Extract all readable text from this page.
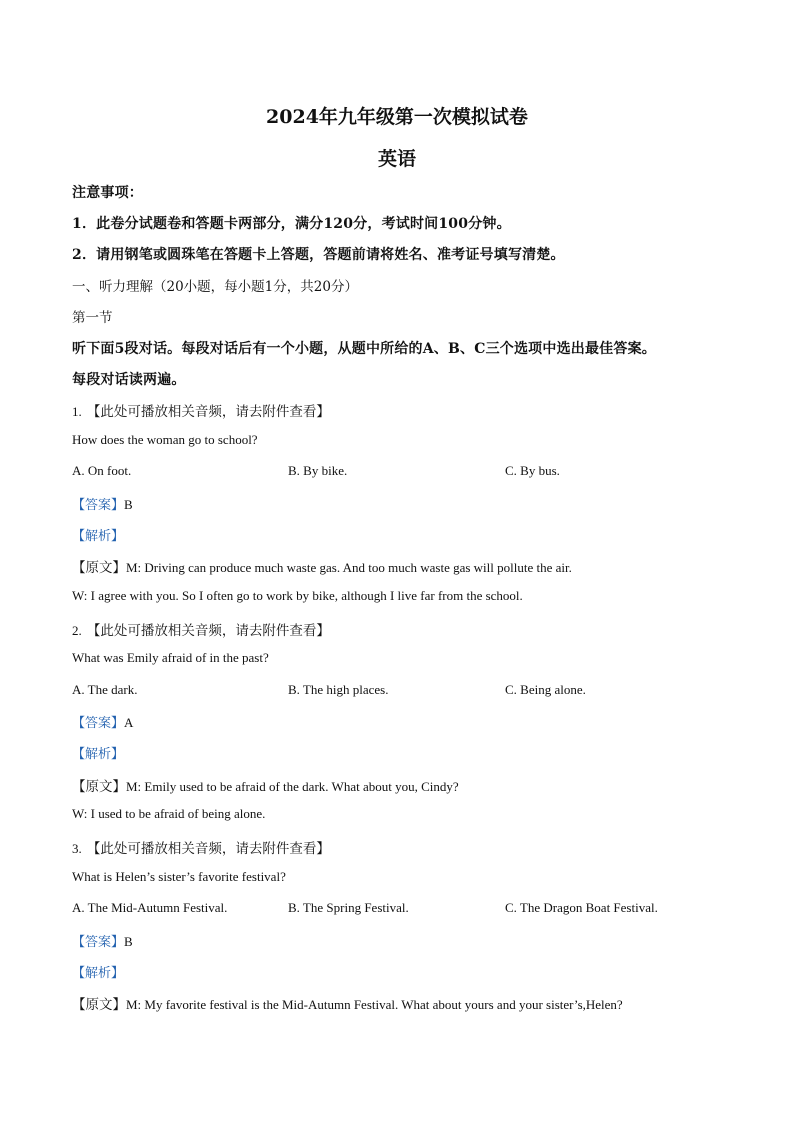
2024年九年级第一次模拟试卷
英语
注意事项：
1．此卷分试题卷和答题卡两部分，满分120分，考试时间100分钟。
2．请用钢笔或圆珠笔在答题卡上答题，答题前请将姓名、准考证号填写清楚。
一、听力理解（20小题，每小题1分，共20分）
第一节
听下面5段对话。每段对话后有一个小题，从题中所给的A、B、C三个选项中选出最佳答案。
每段对话读两遍。
1. 【此处可播放相关音频，请去附件查看】
How does the woman go to school?
A. On foot.	B. By bike.	C. By bus.
【答案】B
【解析】
【原文】M: Driving can produce much waste gas. And too much waste gas will pollute the air.
W: I agree with you. So I often go to work by bike, although I live far from the school.
2. 【此处可播放相关音频，请去附件查看】
What was Emily afraid of in the past?
A. The dark.	B. The high places.	C. Being alone.
【答案】A
【解析】
【原文】M: Emily used to be afraid of the dark. What about you, Cindy?
W: I used to be afraid of being alone.
3. 【此处可播放相关音频，请去附件查看】
What is Helen’s sister’s favorite festival?
A. The Mid-Autumn Festival.	B. The Spring Festival.	C. The Dragon Boat Festival.
【答案】B
【解析】
【原文】M: My favorite festival is the Mid-Autumn Festival. What about yours and your sister’s,Helen?
